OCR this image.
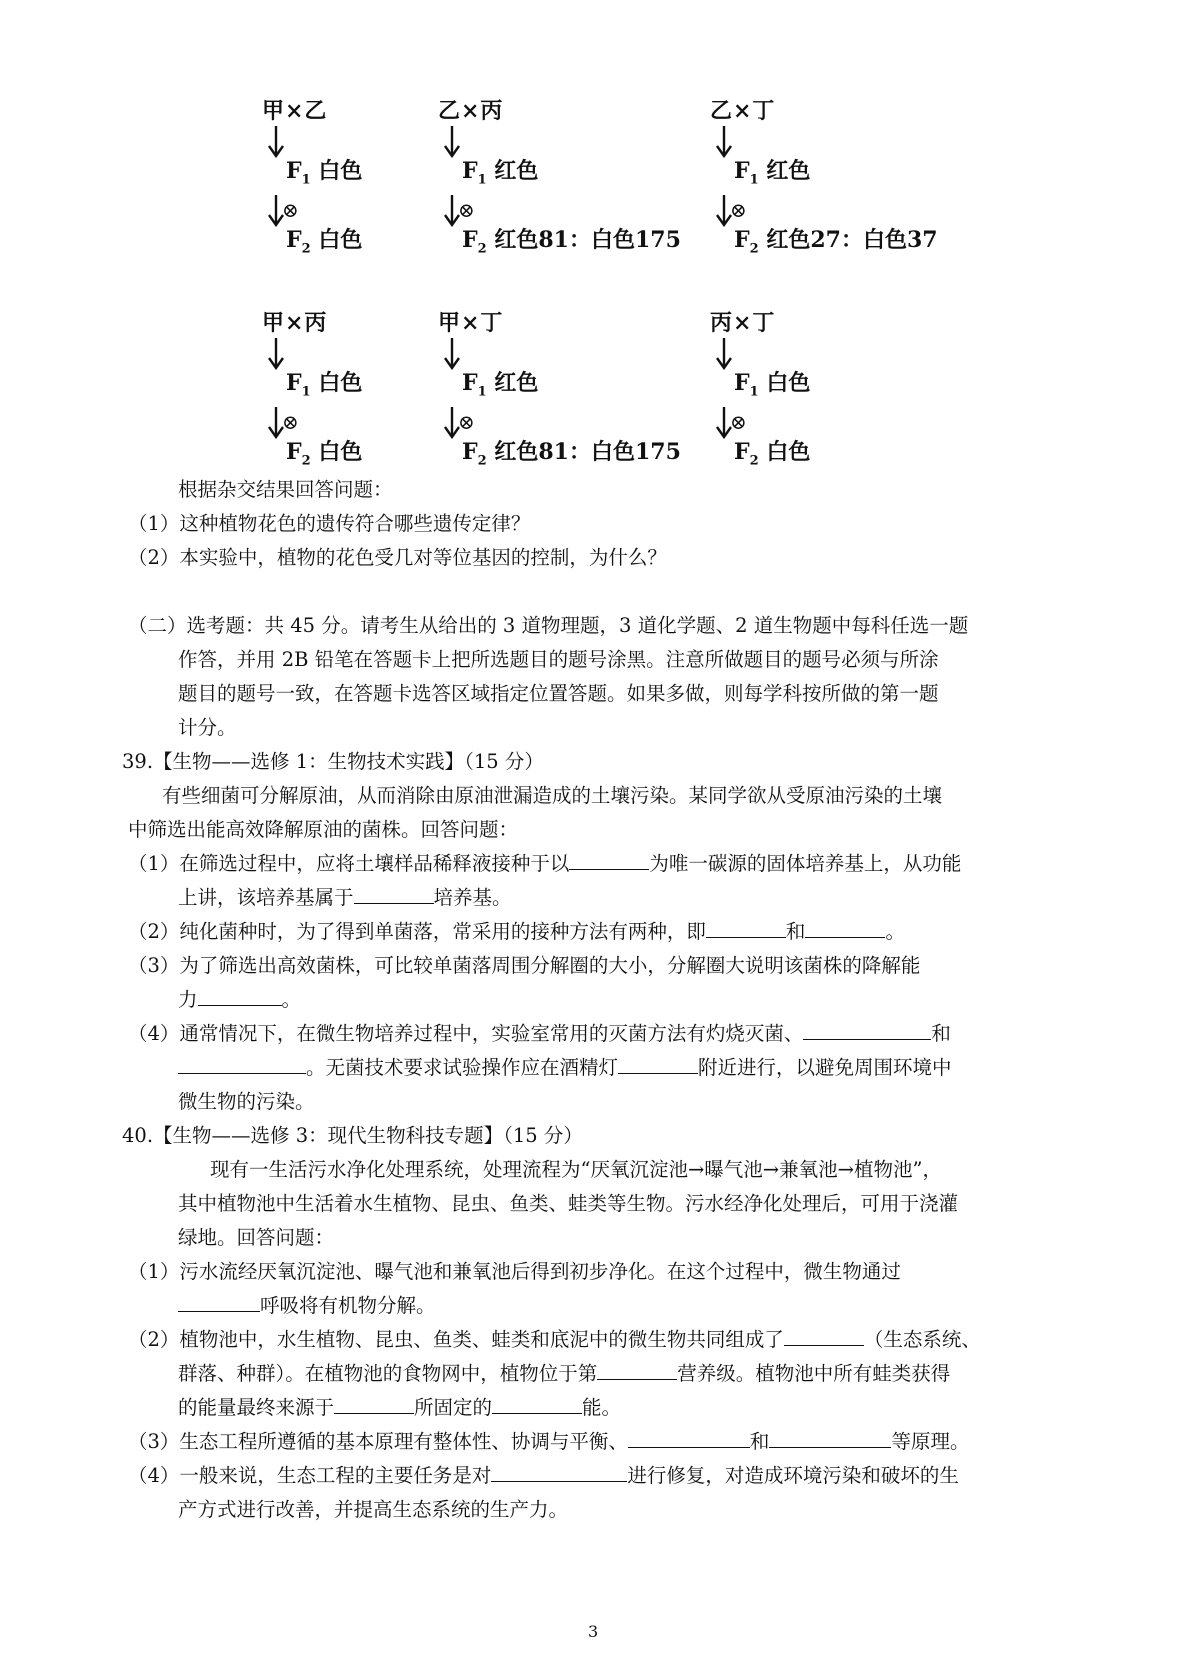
甲×乙
$F_1$ 白色
⊗
$F_2$ 白色
乙×丙
$F_1$ 红色
⊗
$F_2$ 红色81：白色175
乙×丁
$F_1$ 红色
⊗
$F_2$ 红色27：白色37
甲×丙
$F_1$ 白色
⊗
$F_2$ 白色
甲×丁
$F_1$ 红色
⊗
$F_2$ 红色81：白色175
丙×丁
$F_1$ 白色
⊗
$F_2$ 白色
根据杂交结果回答问题：
（1）这种植物花色的遗传符合哪些遗传定律？
（2）本实验中，植物的花色受几对等位基因的控制，为什么？
（二）选考题：共 45 分。请考生从给出的 3 道物理题，3 道化学题、2 道生物题中每科任选一题
作答，并用 2B 铅笔在答题卡上把所选题目的题号涂黑。注意所做题目的题号必须与所涂
题目的题号一致，在答题卡选答区域指定位置答题。如果多做，则每学科按所做的第一题
计分。
39.【生物——选修 1：生物技术实践】（15 分）
有些细菌可分解原油，从而消除由原油泄漏造成的土壤污染。某同学欲从受原油污染的土壤
中筛选出能高效降解原油的菌株。回答问题：
（1）在筛选过程中，应将土壤样品稀释液接种于以	为唯一碳源的固体培养基上，从功能
上讲，该培养基属于	培养基。
（2）纯化菌种时，为了得到单菌落，常采用的接种方法有两种，即	和	。
（3）为了筛选出高效菌株，可比较单菌落周围分解圈的大小，分解圈大说明该菌株的降解能
力	。
（4）通常情况下，在微生物培养过程中，实验室常用的灭菌方法有灼烧灭菌、	和
。无菌技术要求试验操作应在酒精灯	附近进行，以避免周围环境中
微生物的污染。
40.【生物——选修 3：现代生物科技专题】（15 分）
现有一生活污水净化处理系统，处理流程为“厌氧沉淀池→曝气池→兼氧池→植物池”，
其中植物池中生活着水生植物、昆虫、鱼类、蛙类等生物。污水经净化处理后，可用于浇灌
绿地。回答问题：
（1）污水流经厌氧沉淀池、曝气池和兼氧池后得到初步净化。在这个过程中，微生物通过
呼吸将有机物分解。
（2）植物池中，水生植物、昆虫、鱼类、蛙类和底泥中的微生物共同组成了	（生态系统、
群落、种群）。在植物池的食物网中，植物位于第	营养级。植物池中所有蛙类获得
的能量最终来源于	所固定的	能。
（3）生态工程所遵循的基本原理有整体性、协调与平衡、	和	等原理。
（4）一般来说，生态工程的主要任务是对	进行修复，对造成环境污染和破坏的生
产方式进行改善，并提高生态系统的生产力。
3
